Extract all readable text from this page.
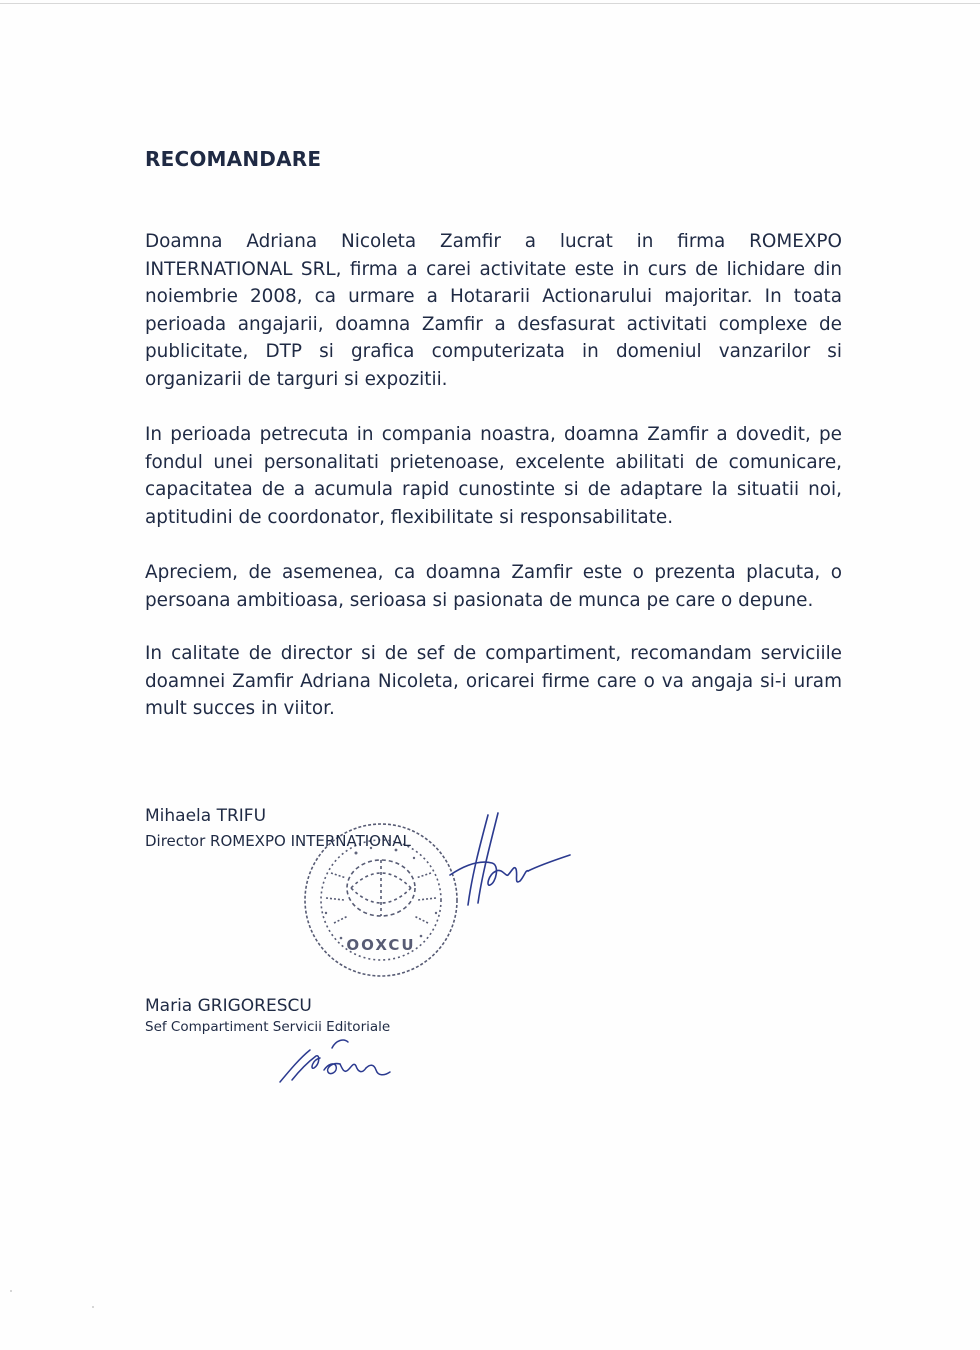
RECOMANDARE

Doamna Adriana Nicoleta Zamfir a lucrat in firma ROMEXPO INTERNATIONAL SRL, firma a carei activitate este in curs de lichidare din noiembrie 2008, ca urmare a Hotararii Actionarului majoritar. In toata perioada angajarii, doamna Zamfir a desfasurat activitati complexe de publicitate, DTP si grafica computerizata in domeniul vanzarilor si organizarii de targuri si expozitii.

In perioada petrecuta in compania noastra, doamna Zamfir a dovedit, pe fondul unei personalitati prietenoase, excelente abilitati de comunicare, capacitatea de a acumula rapid cunostinte si de adaptare la situatii noi, aptitudini de coordonator, flexibilitate si responsabilitate.

Apreciem, de asemenea, ca doamna Zamfir este o prezenta placuta, o persoana ambitioasa, serioasa si pasionata de munca pe care o depune.

In calitate de director si de sef de compartiment, recomandam serviciile doamnei Zamfir Adriana Nicoleta, oricarei firme care o va angaja si-i uram mult succes in viitor.

OOXCU
Mihaela TRIFU
Director ROMEXPO INTERNATIONAL
Maria GRIGORESCU
Sef Compartiment Servicii Editoriale
